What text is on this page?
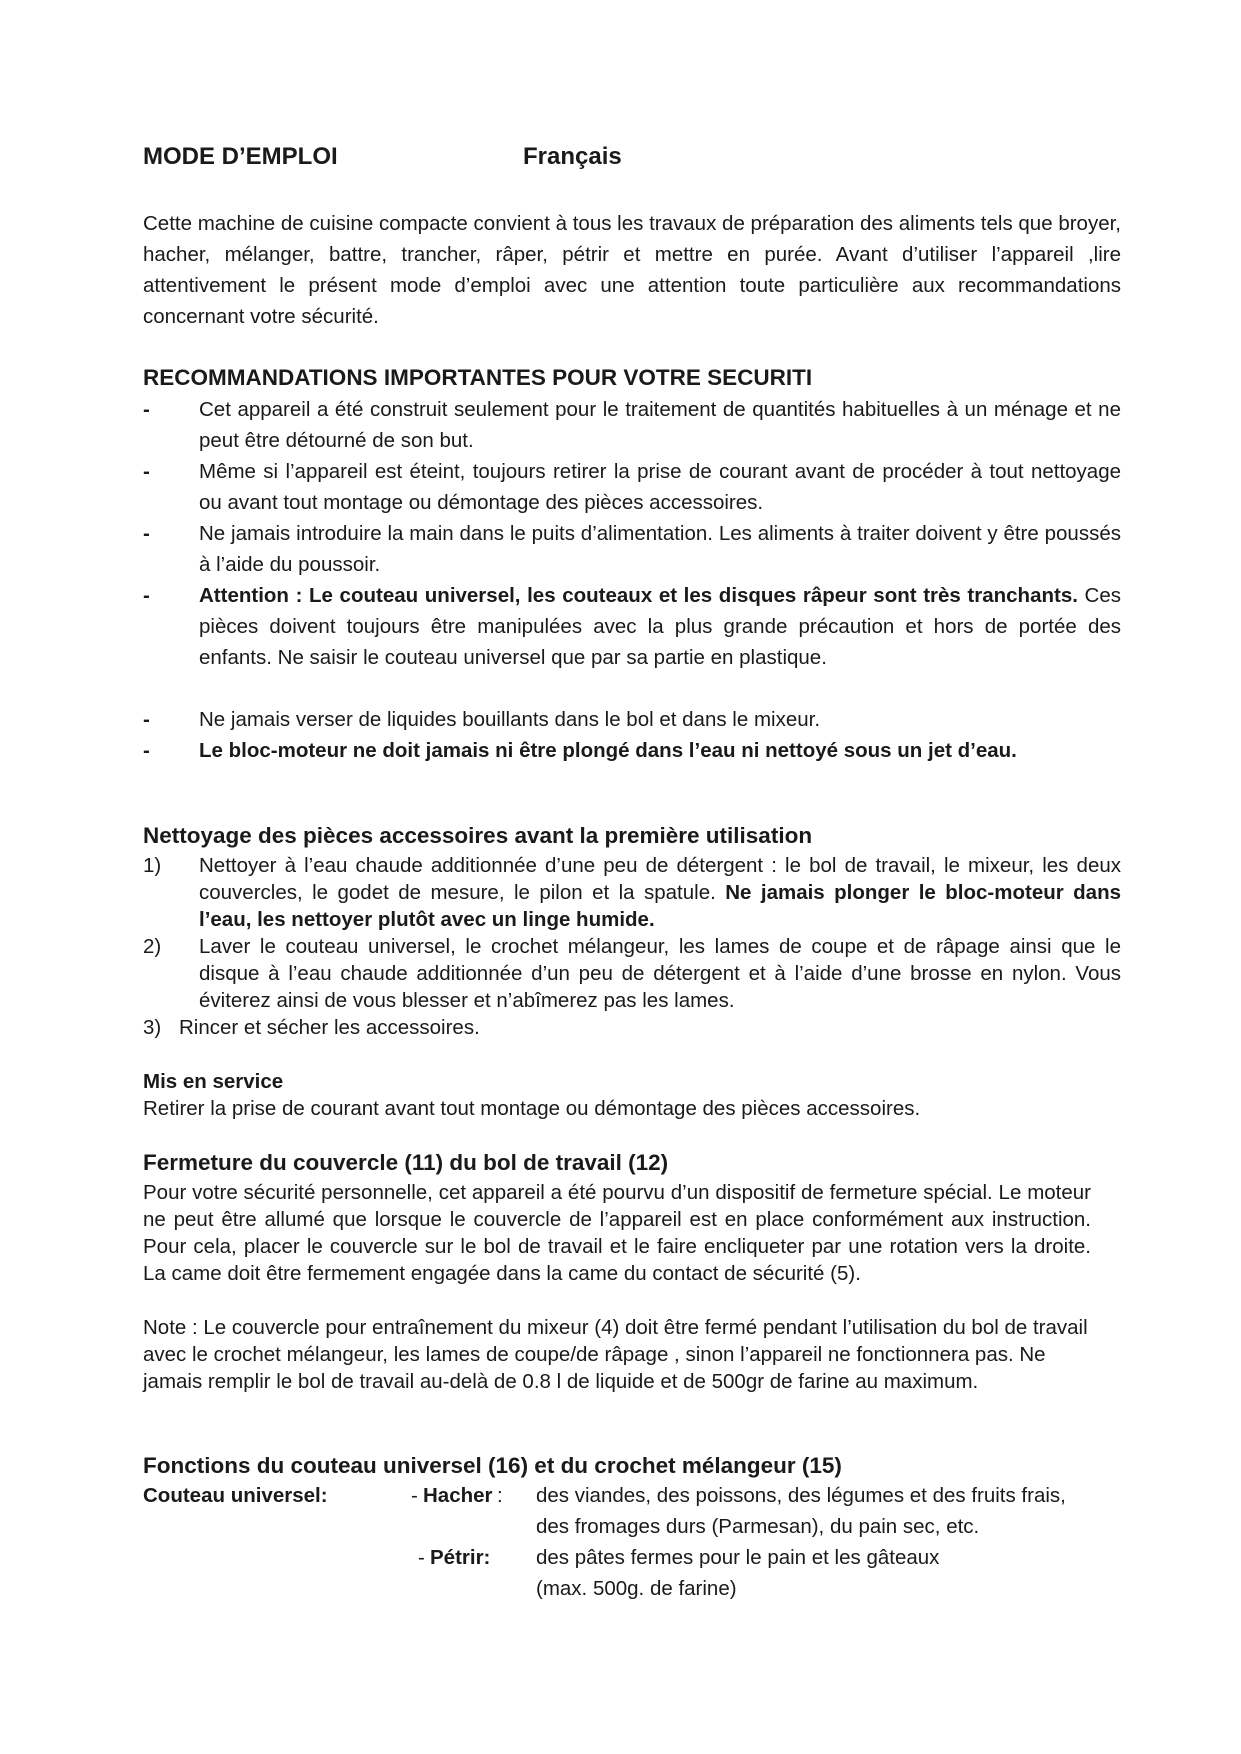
MODE D’EMPLOI	Français
Cette machine de cuisine compacte convient à tous les travaux de préparation des aliments tels que broyer, hacher, mélanger, battre, trancher, râper, pétrir et mettre en purée. Avant d’utiliser l’appareil ,lire attentivement le présent mode d’emploi avec une attention toute particulière aux recommandations concernant votre sécurité.
RECOMMANDATIONS IMPORTANTES POUR VOTRE SECURITI
- Cet appareil a été construit seulement pour le traitement de quantités habituelles à un ménage et ne peut être détourné de son but.
- Même si l’appareil est éteint, toujours retirer la prise de courant avant de procéder à tout nettoyage ou avant tout montage ou démontage des pièces accessoires.
- Ne jamais introduire la main dans le puits d’alimentation. Les aliments à traiter doivent y être poussés à l’aide du poussoir.
- Attention : Le couteau universel, les couteaux et les disques râpeur sont très tranchants. Ces pièces doivent toujours être manipulées avec la plus grande précaution et hors de portée des enfants. Ne saisir le couteau universel que par sa partie en plastique.
- Ne jamais verser de liquides bouillants dans le bol et dans le mixeur.
- Le bloc-moteur ne doit jamais ni être plongé dans l’eau ni nettoyé sous un jet d’eau.
Nettoyage des pièces accessoires avant la première utilisation
1) Nettoyer à l’eau chaude additionnée d’une peu de détergent : le bol de travail, le mixeur, les deux couvercles, le godet de mesure, le pilon et la spatule. Ne jamais plonger le bloc-moteur dans l’eau, les nettoyer plutôt avec un linge humide.
2) Laver le couteau universel, le crochet mélangeur, les lames de coupe et de râpage ainsi que le disque à l’eau chaude additionnée d’un peu de détergent et à l’aide d’une brosse en nylon. Vous éviterez ainsi de vous blesser et n’abîmerez pas les lames.
3) Rincer et sécher les accessoires.
Mis en service
Retirer la prise de courant avant tout montage ou démontage des pièces accessoires.
Fermeture du couvercle (11) du bol de travail (12)
Pour votre sécurité personnelle, cet appareil a été pourvu d’un dispositif de fermeture spécial. Le moteur ne peut être allumé que lorsque le couvercle de l’appareil est en place conformément aux instruction. Pour cela, placer le couvercle sur le bol de travail et le faire encliqueter par une rotation vers la droite. La came doit être fermement engagée dans la came du contact de sécurité (5).
Note : Le couvercle pour entraînement du mixeur (4) doit être fermé pendant l’utilisation du bol de travail avec le crochet mélangeur, les lames de coupe/de râpage , sinon l’appareil ne fonctionnera pas. Ne jamais remplir le bol de travail au-delà de 0.8 l de liquide et de 500gr de farine au maximum.
Fonctions du couteau universel (16) et du crochet mélangeur (15)
Couteau universel:	- Hacher : des viandes, des poissons, des légumes et des fruits frais,
des fromages durs (Parmesan), du pain sec, etc.
- Pétrir: des pâtes fermes pour le pain et les gâteaux
(max. 500g. de farine)
